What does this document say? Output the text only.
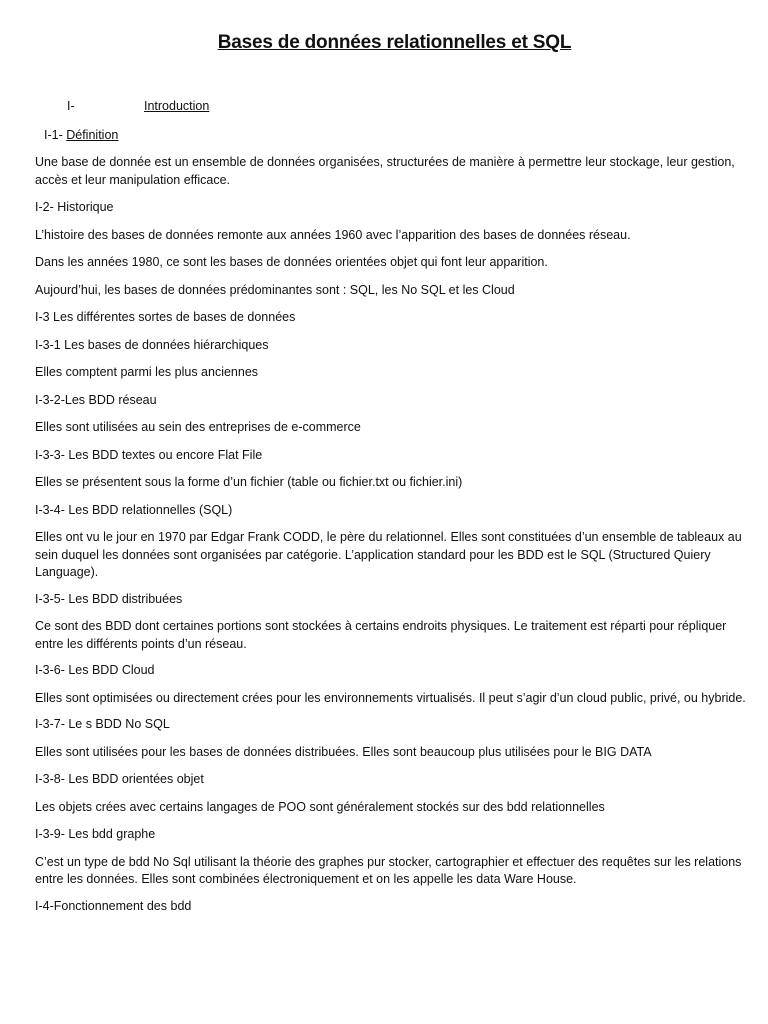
Bases de données relationnelles et SQL
I-	Introduction
I-1- Définition

Une base de donnée est un ensemble de données organisées, structurées de manière à permettre leur stockage, leur gestion, accès et leur manipulation efficace.

I-2- Historique

L’histoire des bases de données remonte aux années 1960 avec l’apparition des bases de données réseau.

Dans les années 1980, ce sont les bases de données orientées objet qui font leur apparition.

Aujourd’hui, les bases de données prédominantes sont : SQL, les No SQL et les Cloud

I-3 Les différentes sortes de bases de données

I-3-1 Les bases de données hiérarchiques

Elles comptent parmi les plus anciennes

I-3-2-Les BDD réseau

Elles sont utilisées au sein des entreprises de e-commerce

I-3-3- Les BDD textes ou encore Flat File

Elles se présentent sous la forme d’un fichier (table ou fichier.txt ou fichier.ini)

I-3-4- Les BDD relationnelles (SQL)

Elles ont vu le jour en 1970 par Edgar Frank CODD, le père du relationnel. Elles sont constituées d’un ensemble de tableaux au sein duquel les données sont organisées par catégorie. L’application standard pour les BDD est le SQL (Structured Quiery Language).

I-3-5- Les BDD distribuées

Ce sont des BDD dont certaines portions sont stockées à certains endroits physiques. Le traitement est réparti pour répliquer entre les différents points d’un réseau.

I-3-6- Les BDD Cloud

Elles sont optimisées ou directement crées pour les environnements virtualisés. Il peut s’agir d’un cloud public, privé, ou hybride.

I-3-7- Le s BDD No SQL

Elles sont utilisées pour les bases de données distribuées. Elles sont beaucoup plus utilisées pour le BIG DATA

I-3-8- Les BDD orientées objet

Les objets crées avec certains langages de POO sont généralement stockés sur des bdd relationnelles

I-3-9- Les bdd graphe

C’est un type de bdd No Sql utilisant la théorie des graphes pur stocker, cartographier et effectuer des requêtes sur les relations entre les données. Elles sont combinées électroniquement et on les appelle les data Ware House.

I-4-Fonctionnement des bdd
